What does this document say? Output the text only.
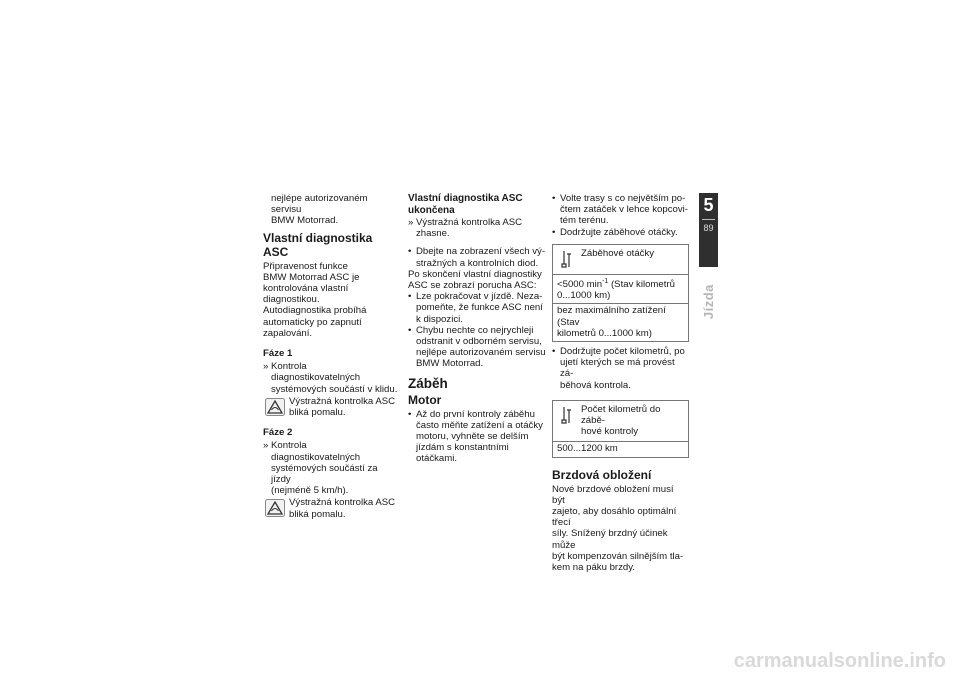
nejlépe autorizovaném servisu

BMW Motorrad.

Vlastní diagnostika ASC

Připravenost funkce

BMW Motorrad ASC je

kontrolována vlastní diagnostikou.

Autodiagnostika probíhá

automaticky po zapnutí

zapalování.

Fáze 1

» Kontrola diagnostikovatelných

systémových součástí v klidu.

Výstražná kontrolka ASC

bliká pomalu.

Fáze 2

» Kontrola diagnostikovatelných

systémových součástí za jízdy

(nejméně 5 km/h).

Výstražná kontrolka ASC

bliká pomalu.

Vlastní diagnostika ASC
ukončena

» Výstražná kontrolka ASC

zhasne.

• Dbejte na zobrazení všech vý-

stražných a kontrolních diod.

Po skončení vlastní diagnostiky

ASC se zobrazí porucha ASC:

• Lze pokračovat v jízdě. Neza-

pomeňte, že funkce ASC není

k dispozici.

• Chybu nechte co nejrychleji

odstranit v odborném servisu,

nejlépe autorizovaném servisu

BMW Motorrad.

Záběh
Motor

• Až do první kontroly záběhu

často měňte zatížení a otáčky

motoru, vyhněte se delším

jízdám s konstantními otáčkami.

• Volte trasy s co největším po-

čtem zatáček v lehce kopcovi-

tém terénu.

• Dodržujte záběhové otáčky.

Záběhové otáčky

<5000 $\min^{-1}$ (Stav kilometrů

0...1000 km)

bez maximálního zatížení (Stav

kilometrů 0...1000 km)

• Dodržujte počet kilometrů, po

ujetí kterých se má provést zá-

běhová kontrola.

Počet kilometrů do zábě-

hové kontroly

500...1200 km

Brzdová obložení

Nové brzdové obložení musí být

zajeto, aby dosáhlo optimální třecí

síly. Snížený brzdný účinek může

být kompenzován silnějším tla-

kem na páku brzdy.

5
89
Jízda
carmanualsonline.info
